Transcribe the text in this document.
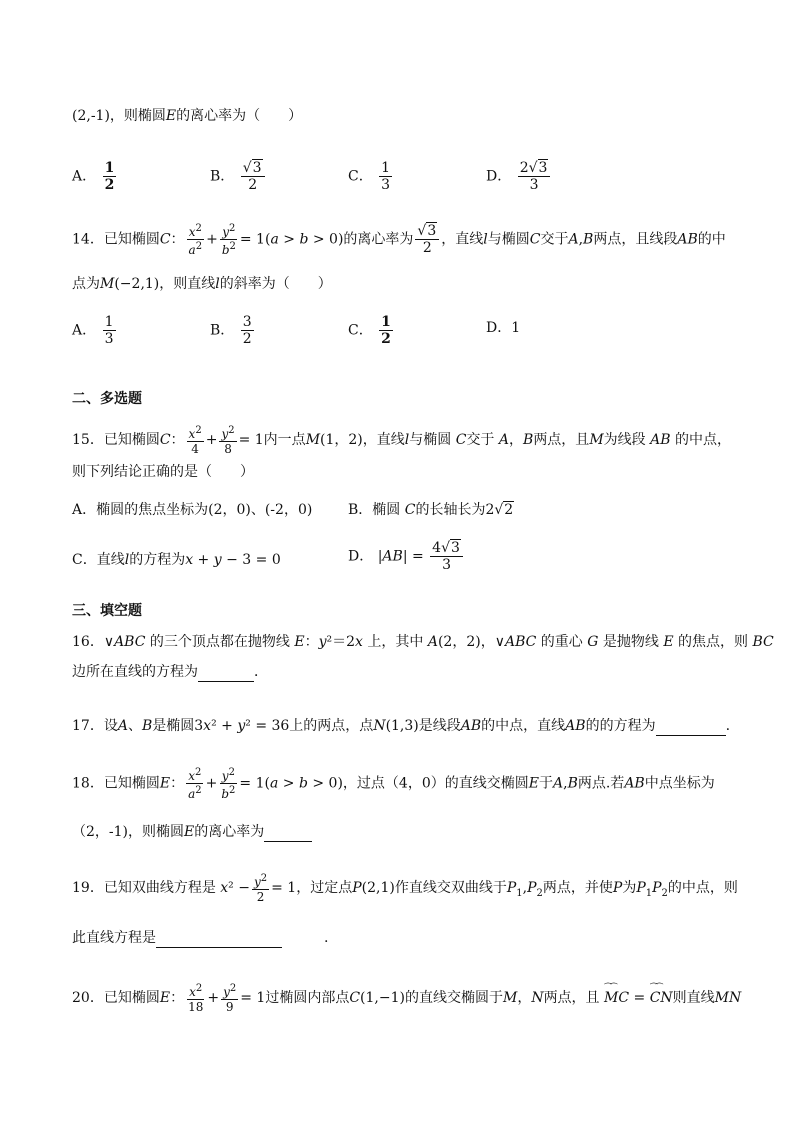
(2,-1)，则椭圆E的离心率为（　　）
A． $\frac{1}{2}$	B． $\frac{√3}{2}$	C． $\frac{1}{3}$	D． $\frac{2√3}{3}$
14．已知椭圆C： $\frac{x^2}{a^2} + \frac{y^2}{b^2} = 1(a > b > 0)$的离心率为 $\frac{√3}{2}$ ，直线l与椭圆C交于A,B两点，且线段AB的中
点为M(−2,1)，则直线l的斜率为（　　）
A． $\frac{1}{3}$	B． $\frac{3}{2}$	C． $\frac{1}{2}$	D．1
二、多选题
15．已知椭圆C： $\frac{x^2}{4} + \frac{y^2}{8} = 1$内一点M(1，2)，直线l与椭圆 C交于 A，B两点，且M为线段 AB 的中点，
则下列结论正确的是（　　）
A．椭圆的焦点坐标为(2，0)、(-2，0)	B．椭圆 C的长轴长为2√2
C．直线l的方程为x + y − 3 = 0	D． $|AB| = \frac{4√3}{3}$
三、填空题
16．∨ABC 的三个顶点都在抛物线 E：y²＝2x 上，其中 A(2，2)，∨ABC 的重心 G 是抛物线 E 的焦点，则 BC
边所在直线的方程为	．
17．设A、B是椭圆3x² + y² = 36上的两点，点N(1,3)是线段AB的中点，直线AB的的方程为	.
18．已知椭圆E： $\frac{x^2}{a^2} + \frac{y^2}{b^2} = 1(a > b > 0)$，过点（4，0）的直线交椭圆E于A,B两点.若AB中点坐标为
（2，-1)，则椭圆E的离心率为
19．已知双曲线方程是 $x^2 - \frac{y^2}{2} = 1$，过定点P(2,1)作直线交双曲线于$P_1,P_2$两点，并使P为$P_1P_2$的中点，则
此直线方程是	　　　.
20．已知椭圆E： $\frac{x^2}{18} + \frac{y^2}{9} = 1$过椭圆内部点C(1,−1)的直线交椭圆于M，N两点，且 ⏜⏜ MC = ⏜⏜ CN则直线MN
